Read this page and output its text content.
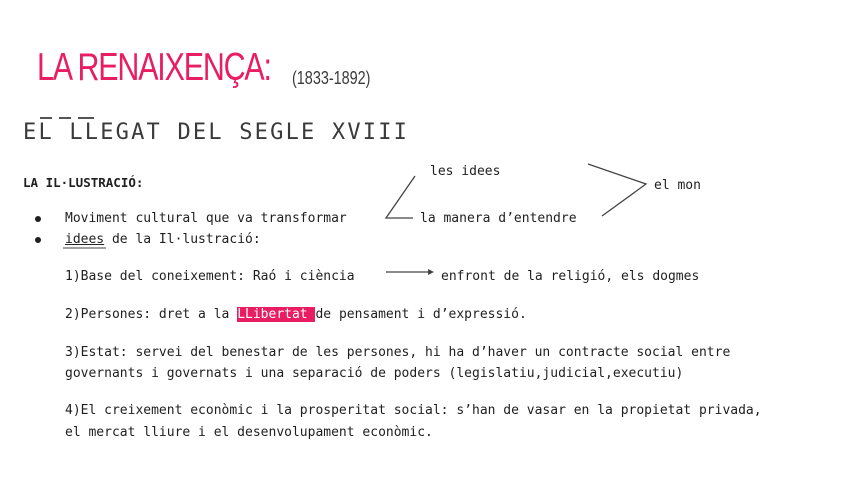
LA RENAIXENÇA: (1833-1892)
EL LLEGAT DEL SEGLE XVIII
LA IL·LUSTRACIÓ:
les idees
el mon
Moviment cultural que va transformar	la manera d’entendre
idees de la Il·lustració:
1)Base del coneixement: Raó i ciència	enfront de la religió, els dogmes
2)Persones: dret a la LLibertat de pensament i d’expressió.
3)Estat: servei del benestar de les persones, hi ha d’haver un contracte social entre
governants i governats i una separació de poders (legislatiu,judicial,executiu)
4)El creixement econòmic i la prosperitat social: s’han de vasar en la propietat privada,
el mercat lliure i el desenvolupament econòmic.
